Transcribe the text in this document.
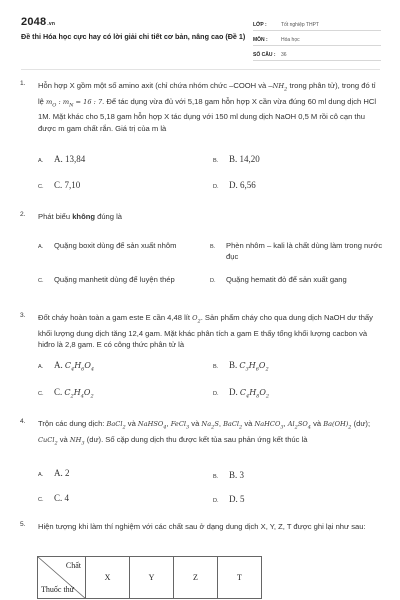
2048.vn
Đề thi Hóa học cực hay có lời giải chi tiết cơ bản, nâng cao (Đề 1)
LỚP :	Tốt nghiệp THPT
MÔN :	Hóa học
SỐ CÂU :	36
1. Hỗn hợp X gồm một số amino axit (chỉ chứa nhóm chức –COOH và $-NH_2$ trong phân tử), trong đó tỉ lệ $m_O$ : $m_N = 16$ : 7. Để tác dụng vừa đủ với 5,18 gam hỗn hợp X cần vừa đúng 60 ml dung dịch HCl 1M. Mặt khác cho 5,18 gam hỗn hợp X tác dụng với 150 ml dung dịch NaOH 0,5 M rồi cô cạn thu được m gam chất rắn. Giá trị của m là
A. A. 13,84	B. B. 14,20
C. C. 7,10	D. D. 6,56
2. Phát biểu không đúng là
A. Quặng boxit dùng để sản xuất nhôm	B. Phèn nhôm – kali là chất dùng làm trong nước đục
C. Quặng manhetit dùng để luyện thép	D. Quặng hematit đỏ để sản xuất gang
3. Đốt cháy hoàn toàn a gam este E cần 4,48 lít $O_2$. Sản phẩm cháy cho qua dung dịch NaOH dư thấy khối lượng dung dịch tăng 12,4 gam. Mặt khác phân tích a gam E thấy tổng khối lượng cacbon và hiđro là 2,8 gam. E có công thức phân tử là
A. A. $C_4H_6O_4$	B. B. $C_3H_6O_2$
C. C. $C_2H_4O_2$	D. D. $C_4H_8O_2$
4. Trộn các dung dịch: BaCl$_2$ và NaHSO$_4$, FeCl$_3$ và $Na_2S$, BaCl$_2$ và NaHCO$_3$, $Al_2SO_4$ và $Ba(OH)_2$ (dư); CuCl$_2$ và $NH_3$ (dư). Số cặp dung dịch thu được kết tủa sau phản ứng kết thúc là
A. A. 2	B. B. 3
C. C. 4	D. D. 5
5. Hiện tượng khi làm thí nghiệm với các chất sau ở dạng dung dịch X, Y, Z, T được ghi lại như sau:
Chất
Thuốc thử
	X	Y	Z	T
